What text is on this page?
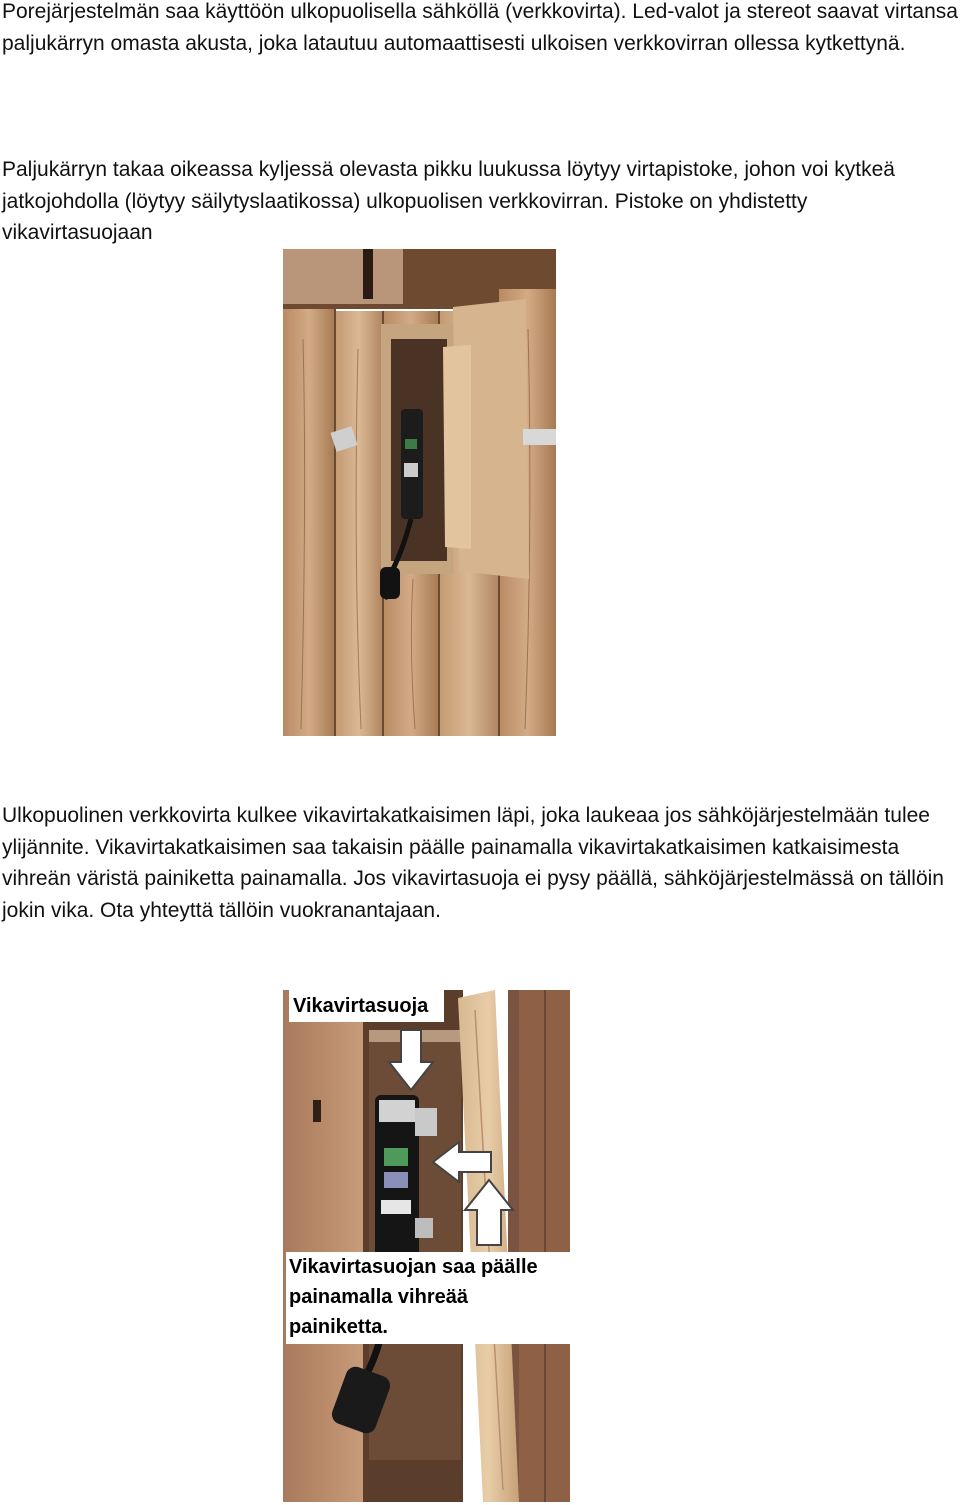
Porejärjestelmän saa käyttöön ulkopuolisella sähköllä (verkkovirta). Led-valot ja stereot saavat virtansa paljukärryn omasta akusta, joka latautuu automaattisesti ulkoisen verkkovirran ollessa kytkettynä.

Paljukärryn takaa oikeassa kyljessä olevasta pikku luukussa löytyy virtapistoke, johon voi kytkeä jatkojohdolla (löytyy säilytyslaatikossa) ulkopuolisen verkkovirran. Pistoke on yhdistetty vikavirtasuojaan

Ulkopuolinen verkkovirta kulkee vikavirtakatkaisimen läpi, joka laukeaa jos sähköjärjestelmään tulee ylijännite. Vikavirtakatkaisimen saa takaisin päälle painamalla vikavirtakatkaisimen katkaisimesta vihreän väristä painiketta painamalla. Jos vikavirtasuoja ei pysy päällä, sähköjärjestelmässä on tällöin jokin vika. Ota yhteyttä tällöin vuokranantajaan.

Vikavirtasuoja
Vikavirtasuojan saa päälle painamalla vihreää painiketta.
